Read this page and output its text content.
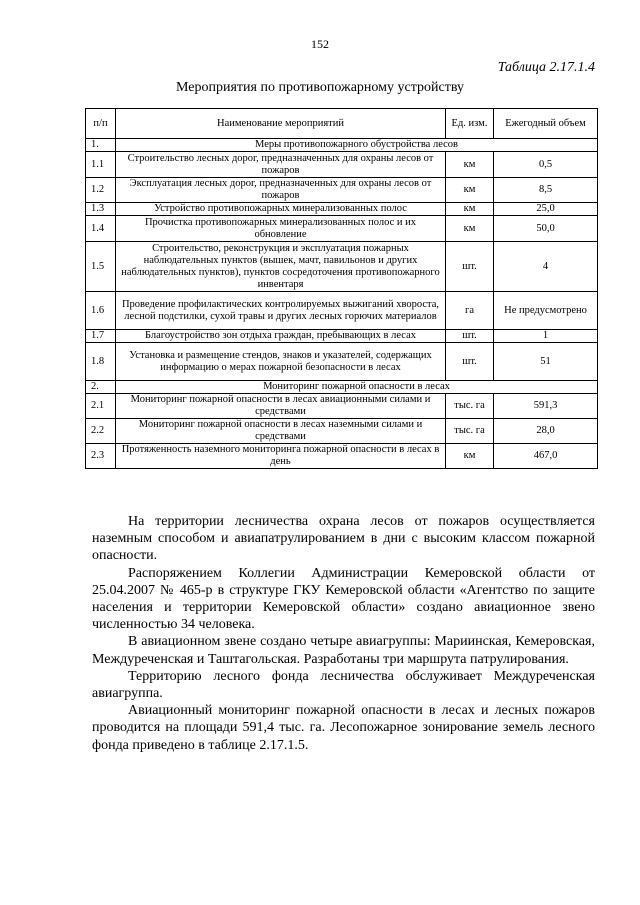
152
Таблица 2.17.1.4
Мероприятия по противопожарному устройству
п/п	Наименование мероприятий	Ед. изм.	Ежегодный объем
1.	Меры противопожарного обустройства лесов		
1.1	Строительство лесных дорог, предназначенных для охраны лесов от пожаров	км	0,5
1.2	Эксплуатация лесных дорог, предназначенных для охраны лесов от пожаров	км	8,5
1.3	Устройство противопожарных минерализованных полос	км	25,0
1.4	Прочистка противопожарных минерализованных полос и их обновление	км	50,0
1.5	Строительство, реконструкция и эксплуатация пожарных наблюдательных пунктов (вышек, мачт, павильонов и других наблюдательных пунктов), пунктов сосредоточения противопожарного инвентаря	шт.	4
1.6	Проведение профилактических контролируемых выжиганий хвороста, лесной подстилки, сухой травы и других лесных горючих материалов	га	Не предусмотрено
1.7	Благоустройство зон отдыха граждан, пребывающих в лесах	шт.	1
1.8	Установка и размещение стендов, знаков и указателей, содержащих информацию о мерах пожарной безопасности в лесах	шт.	51
2.	Мониторинг пожарной опасности в лесах		
2.1	Мониторинг пожарной опасности в лесах авиационными силами и средствами	тыс. га	591,3
2.2	Мониторинг пожарной опасности в лесах наземными силами и средствами	тыс. га	28,0
2.3	Протяженность наземного мониторинга пожарной опасности в лесах в день	км	467,0

На территории лесничества охрана лесов от пожаров осуществляется наземным способом и авиапатрулированием в дни с высоким классом пожарной опасности.

Распоряжением Коллегии Администрации Кемеровской области от 25.04.2007 № 465-р в структуре ГКУ Кемеровской области «Агентство по защите населения и территории Кемеровской области» создано авиационное звено численностью 34 человека.

В авиационном звене создано четыре авиагруппы: Мариинская, Кемеровская, Междуреченская и Таштагольская. Разработаны три маршрута патрулирования.

Территорию лесного фонда лесничества обслуживает Междуреченская авиагруппа.

Авиационный мониторинг пожарной опасности в лесах и лесных пожаров проводится на площади 591,4 тыс. га. Лесопожарное зонирование земель лесного фонда приведено в таблице 2.17.1.5.
